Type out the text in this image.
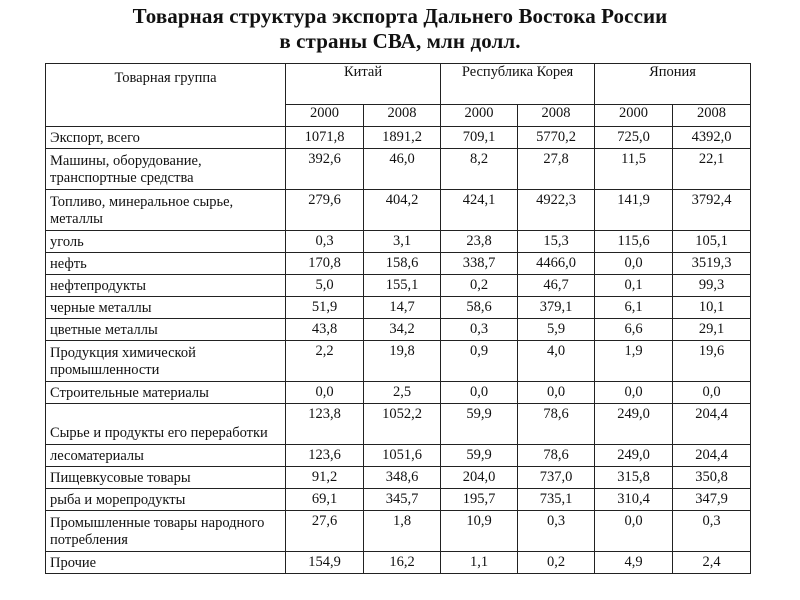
Товарная структура экспорта Дальнего Востока России
в страны СВА, млн долл.
Товарная группа	Китай		Республика Корея		Япония	
	2000	2008	2000	2008	2000	2008
Экспорт, всего	1071,8	1891,2	709,1	5770,2	725,0	4392,0
Машины, оборудование, транспортные средства	392,6	46,0	8,2	27,8	11,5	22,1
Топливо, минеральное сырье, металлы	279,6	404,2	424,1	4922,3	141,9	3792,4
уголь	0,3	3,1	23,8	15,3	115,6	105,1
нефть	170,8	158,6	338,7	4466,0	0,0	3519,3
нефтепродукты	5,0	155,1	0,2	46,7	0,1	99,3
черные металлы	51,9	14,7	58,6	379,1	6,1	10,1
цветные металлы	43,8	34,2	0,3	5,9	6,6	29,1
Продукция химической промышленности	2,2	19,8	0,9	4,0	1,9	19,6
Строительные материалы	0,0	2,5	0,0	0,0	0,0	0,0
Сырье и продукты его переработки	123,8	1052,2	59,9	78,6	249,0	204,4
лесоматериалы	123,6	1051,6	59,9	78,6	249,0	204,4
Пищевкусовые товары	91,2	348,6	204,0	737,0	315,8	350,8
рыба и морепродукты	69,1	345,7	195,7	735,1	310,4	347,9
Промышленные товары народного потребления	27,6	1,8	10,9	0,3	0,0	0,3
Прочие	154,9	16,2	1,1	0,2	4,9	2,4
